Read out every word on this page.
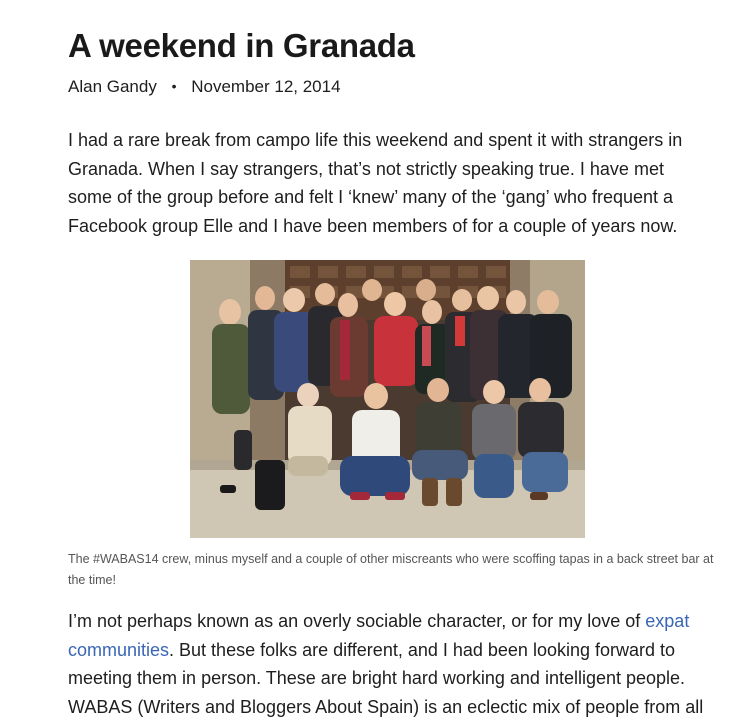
A weekend in Granada
Alan Gandy • November 12, 2014

I had a rare break from campo life this weekend and spent it with strangers in Granada. When I say strangers, that’s not strictly speaking true. I have met some of the group before and felt I ‘knew’ many of the ‘gang’ who frequent a Facebook group Elle and I have been members of for a couple of years now.

The #WABAS14 crew, minus myself and a couple of other miscreants who were scoffing tapas in a back street bar at the time!

I’m not perhaps known as an overly sociable character, or for my love of expat communities. But these folks are different, and I had been looking forward to meeting them in person. These are bright hard working and intelligent people. WABAS (Writers and Bloggers About Spain) is an eclectic mix of people from all
